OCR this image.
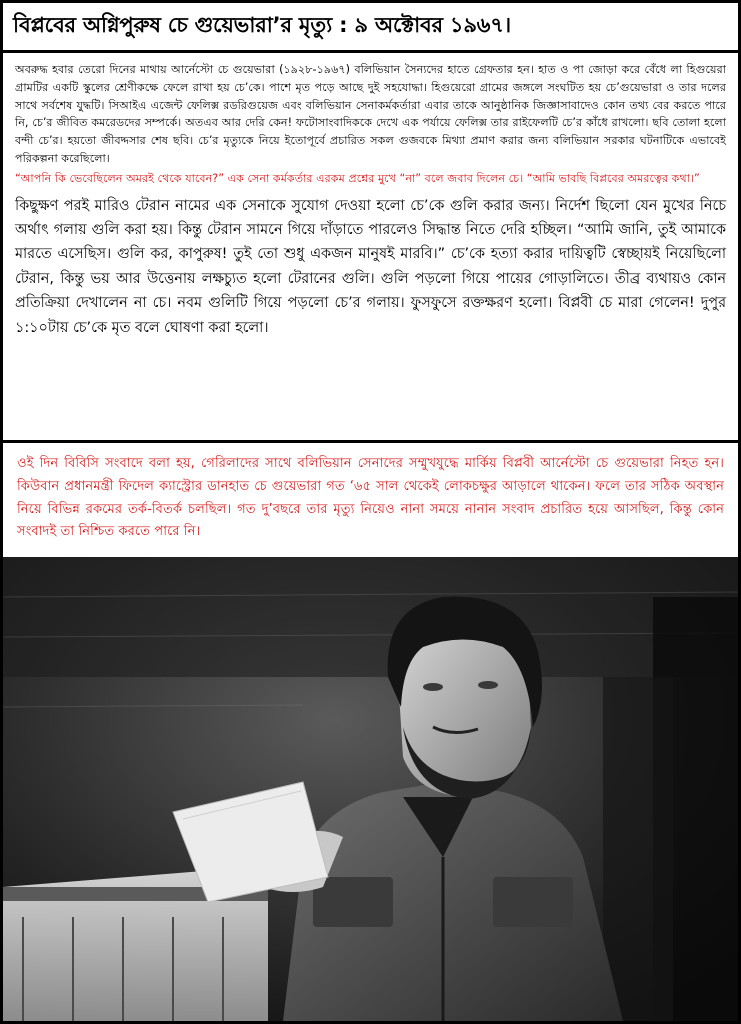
বিপ্লবের অগ্নিপুরুষ চে গুয়েভারা’র মৃত্যু : ৯ অক্টোবর ১৯৬৭।

অবরুদ্ধ হবার তেরো দিনের মাথায় আর্নেস্টো চে গুয়েভারা (১৯২৮-১৯৬৭) বলিভিয়ান সৈন্যদের হাতে গ্রেফতার হন। হাত ও পা জোড়া করে বেঁধে লা হিগুয়েরা গ্রামটির একটি স্কুলের শ্রেণীকক্ষে ফেলে রাখা হয় চে’কে। পাশে মৃত পড়ে আছে দুই সহযোদ্ধা। হিগুয়েরো গ্রামের জঙ্গলে সংঘটিত হয় চে’গুয়েভারা ও তার দলের সাথে সর্বশেষ যুদ্ধটি। সিআইএ এজেন্ট ফেলিক্স রডরিগুয়েজ এবং বলিভিয়ান সেনাকর্মকর্তারা এবার তাকে আনুষ্ঠানিক জিজ্ঞাসাবাদেও কোন তথ্য বের করতে পারে নি, চে’র জীবিত কমরেডদের সম্পর্কে। অতএব আর দেরি কেন! ফটোসাংবাদিককে দেখে এক পর্যায়ে ফেলিক্স তার রাইফেলটি চে’র কাঁধে রাখলো। ছবি তোলা হলো বন্দী চে’র। হয়তো জীবদ্দসার শেষ ছবি। চে’র মৃত্যুকে নিয়ে ইতোপূর্বে প্রচারিত সকল গুজবকে মিথ্যা প্রমাণ করার জন্য বলিভিয়ান সরকার ঘটনাটিকে এভাবেই পরিকল্পনা করেছিলো।

“আপনি কি ভেবেছিলেন অমরই থেকে যাবেন?” এক সেনা কর্মকর্তার এরকম প্রশ্নের মুখে “না” বলে জবাব দিলেন চে। “আমি ভাবছি বিপ্লবের অমরত্বের কথা।”

কিছুক্ষণ পরই মারিও টেরান নামের এক সেনাকে সুযোগ দেওয়া হলো চে’কে গুলি করার জন্য। নির্দেশ ছিলো যেন মুখের নিচে অর্থাৎ গলায় গুলি করা হয়। কিন্তু টেরান সামনে গিয়ে দাঁড়াতে পারলেও সিদ্ধান্ত নিতে দেরি হচ্ছিল। “আমি জানি, তুই আমাকে মারতে এসেছিস। গুলি কর, কাপুরুষ! তুই তো শুধু একজন মানুষই মারবি।” চে’কে হত্যা করার দায়িত্বটি স্বেচ্ছায়ই নিয়েছিলো টেরান, কিন্তু ভয় আর উত্তেনায় লক্ষচ্যুত হলো টেরানের গুলি। গুলি পড়লো গিয়ে পায়ের গোড়ালিতে। তীব্র ব্যথায়ও কোন প্রতিক্রিয়া দেখালেন না চে। নবম গুলিটি গিয়ে পড়লো চে’র গলায়। ফুসফুসে রক্তক্ষরণ হলো। বিপ্লবী চে মারা গেলেন! দুপুর ১:১০টায় চে’কে মৃত বলে ঘোষণা করা হলো।

ওই দিন বিবিসি সংবাদে বলা হয়, গেরিলাদের সাথে বলিভিয়ান সেনাদের সম্মুখযুদ্ধে মার্কিয় বিপ্লবী আর্নেস্টো চে গুয়েভারা নিহত হন। কিউবান প্রধানমন্ত্রী ফিদেল ক্যাস্ট্রোর ডানহাত চে গুয়েভারা গত ‘৬৫ সাল থেকেই লোকচক্ষুর আড়ালে থাকেন। ফলে তার সঠিক অবস্থান নিয়ে বিভিন্ন রকমের তর্ক-বিতর্ক চলছিল। গত দু’বছরে তার মৃত্যু নিয়েও নানা সময়ে নানান সংবাদ প্রচারিত হয়ে আসছিল, কিন্তু কোন সংবাদই তা নিশ্চিত করতে পারে নি।
